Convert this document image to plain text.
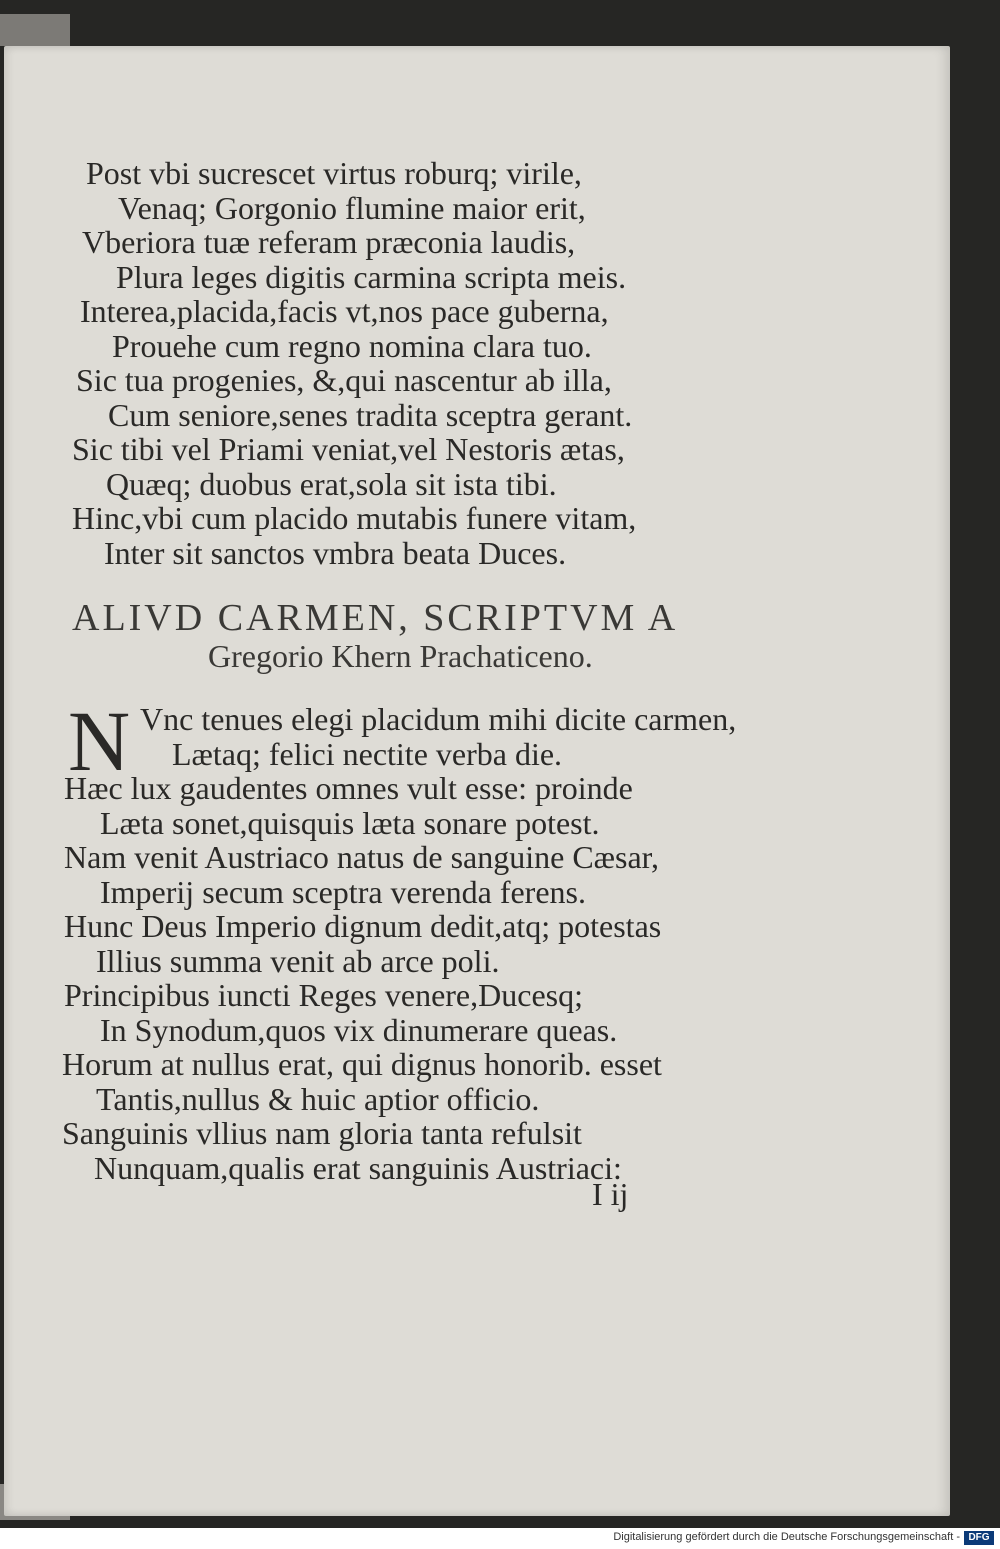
Post vbi sucrescet virtus roburq; virile,
Venaq; Gorgonio flumine maior erit,
Vberiora tuæ referam præconia laudis,
Plura leges digitis carmina scripta meis.
Interea,placida,facis vt,nos pace guberna,
Prouehe cum regno nomina clara tuo.
Sic tua progenies, &,qui nascentur ab illa,
Cum seniore,senes tradita sceptra gerant.
Sic tibi vel Priami veniat,vel Nestoris ætas,
Quæq; duobus erat,sola sit ista tibi.
Hinc,vbi cum placido mutabis funere vitam,
Inter sit sanctos vmbra beata Duces.
ALIVD CARMEN, SCRIPTVM A
Gregorio Khern Prachaticeno.
N Vnc tenues elegi placidum mihi dicite carmen,
Lætaq; felici nectite verba die.
Hæc lux gaudentes omnes vult esse: proinde
Læta sonet,quisquis læta sonare potest.
Nam venit Austriaco natus de sanguine Cæsar,
Imperij secum sceptra verenda ferens.
Hunc Deus Imperio dignum dedit,atq; potestas
Illius summa venit ab arce poli.
Principibus iuncti Reges venere,Ducesq;
In Synodum,quos vix dinumerare queas.
Horum at nullus erat, qui dignus honorib. esset
Tantis,nullus & huic aptior officio.
Sanguinis vllius nam gloria tanta refulsit
Nunquam,qualis erat sanguinis Austriaci:
I ij
Digitalisierung gefördert durch die Deutsche Forschungsgemeinschaft - DFG
